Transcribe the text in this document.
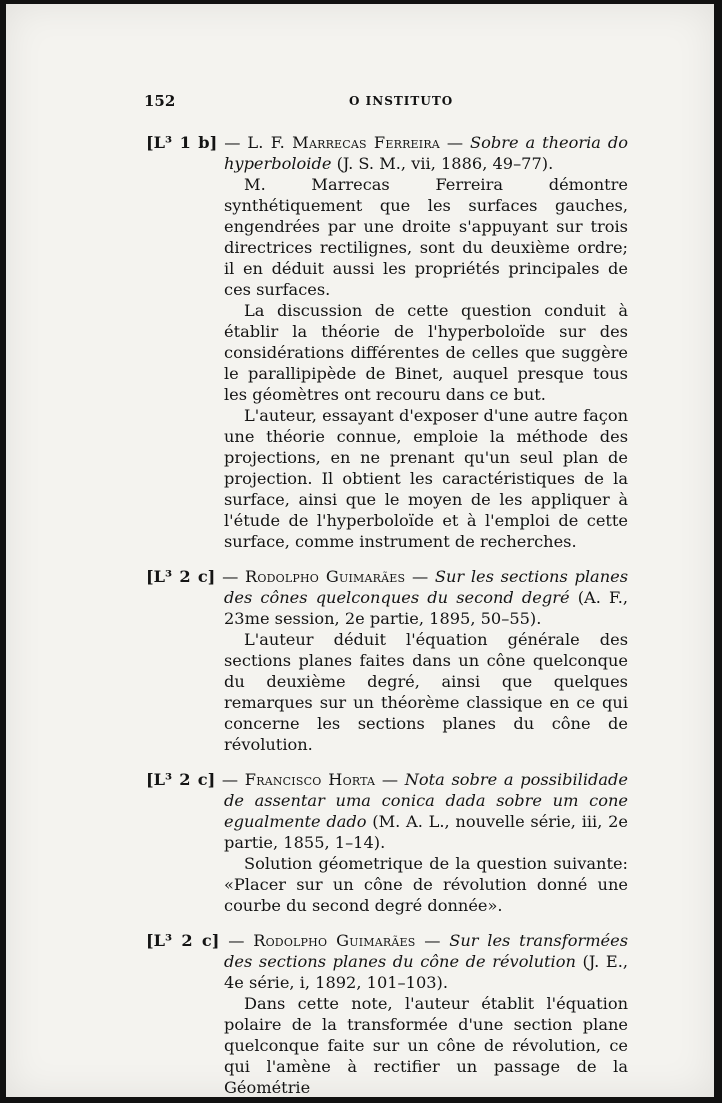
152	O INSTITUTO
[L³ 1 b] — L. F. Marrecas Ferreira — Sobre a theoria do hyperboloide (J. S. M., vii, 1886, 49–77).

M. Marrecas Ferreira démontre synthétiquement que les surfaces gauches, engendrées par une droite s'appuyant sur trois directrices rectilignes, sont du deuxième ordre; il en déduit aussi les propriétés principales de ces surfaces.

La discussion de cette question conduit à établir la théorie de l'hyperboloïde sur des considérations différentes de celles que suggère le parallipipède de Binet, auquel presque tous les géomètres ont recouru dans ce but.

L'auteur, essayant d'exposer d'une autre façon une théorie connue, emploie la méthode des projections, en ne prenant qu'un seul plan de projection. Il obtient les caractéristiques de la surface, ainsi que le moyen de les appliquer à l'étude de l'hyperboloïde et à l'emploi de cette surface, comme instrument de recherches.

[L³ 2 c] — Rodolpho Guimarães — Sur les sections planes des cônes quelconques du second degré (A. F., 23me session, 2e partie, 1895, 50–55).

L'auteur déduit l'équation générale des sections planes faites dans un cône quelconque du deuxième degré, ainsi que quelques remarques sur un théorème classique en ce qui concerne les sections planes du cône de révolution.

[L³ 2 c] — Francisco Horta — Nota sobre a possibilidade de assentar uma conica dada sobre um cone egualmente dado (M. A. L., nouvelle série, iii, 2e partie, 1855, 1–14).

Solution géometrique de la question suivante: «Placer sur un cône de révolution donné une courbe du second degré donnée».

[L³ 2 c] — Rodolpho Guimarães — Sur les transformées des sections planes du cône de révolution (J. E., 4e série, i, 1892, 101–103).

Dans cette note, l'auteur établit l'équation polaire de la transformée d'une section plane quelconque faite sur un cône de révolution, ce qui l'amène à rectifier un passage de la Géométrie
